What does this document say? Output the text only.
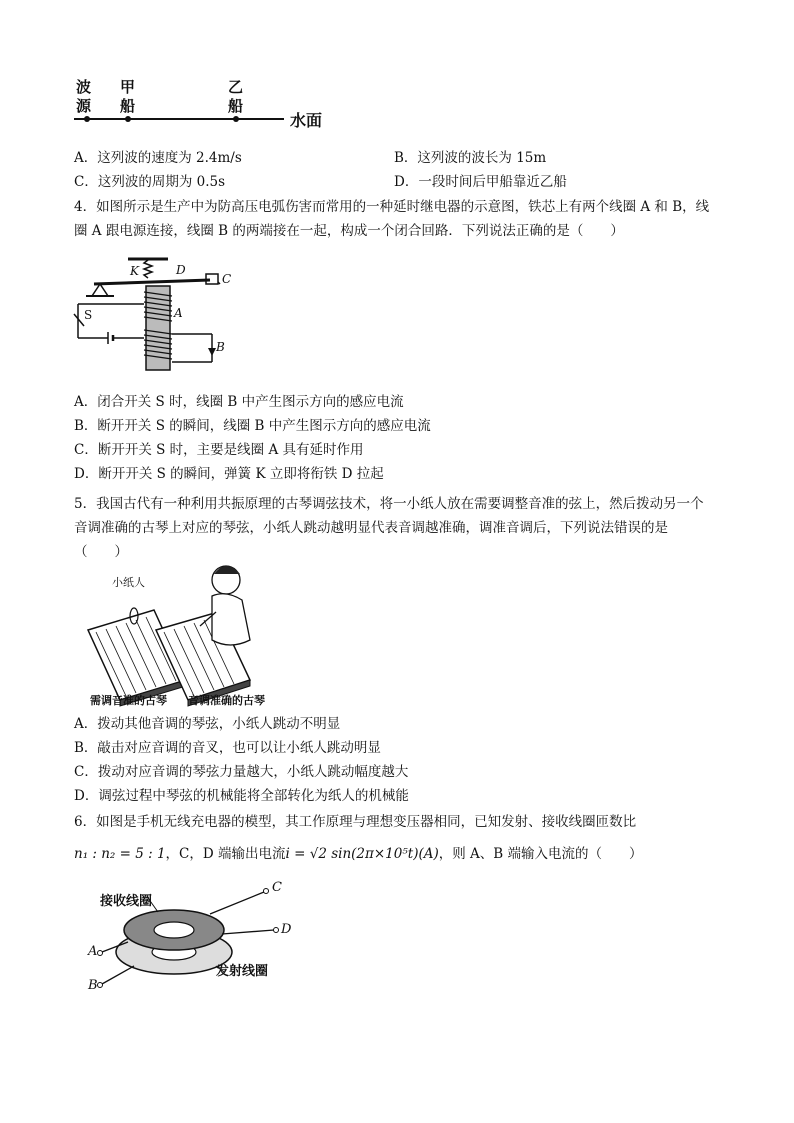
波
源
甲
船
乙
船
水面
A．这列波的速度为 2.4m/s	B．这列波的波长为 15m
C．这列波的周期为 0.5s	D．一段时间后甲船靠近乙船
4．如图所示是生产中为防高压电弧伤害而常用的一种延时继电器的示意图，铁芯上有两个线圈 A 和 B，线
圈 A 跟电源连接，线圈 B 的两端接在一起，构成一个闭合回路．下列说法正确的是（　　）
K	D
C
S	A
B
A．闭合开关 S 时，线圈 B 中产生图示方向的感应电流
B．断开开关 S 的瞬间，线圈 B 中产生图示方向的感应电流
C．断开开关 S 时，主要是线圈 A 具有延时作用
D．断开开关 S 的瞬间，弹簧 K 立即将衔铁 D 拉起
5．我国古代有一种利用共振原理的古琴调弦技术，将一小纸人放在需要调整音准的弦上，然后拨动另一个
音调准确的古琴上对应的琴弦，小纸人跳动越明显代表音调越准确，调准音调后，下列说法错误的是
（　　）
小纸人
需调音准的古琴 音调准确的古琴
A．拨动其他音调的琴弦，小纸人跳动不明显
B．敲击对应音调的音叉，也可以让小纸人跳动明显
C．拨动对应音调的琴弦力量越大，小纸人跳动幅度越大
D．调弦过程中琴弦的机械能将全部转化为纸人的机械能
6．如图是手机无线充电器的模型，其工作原理与理想变压器相同，已知发射、接收线圈匝数比
n₁ : n₂ = 5 : 1，C，D 端输出电流i = √2 sin(2π×10⁵t)(A)，则 A、B 端输入电流的（　　）
接收线圈
发射线圈
C
D
A
B
